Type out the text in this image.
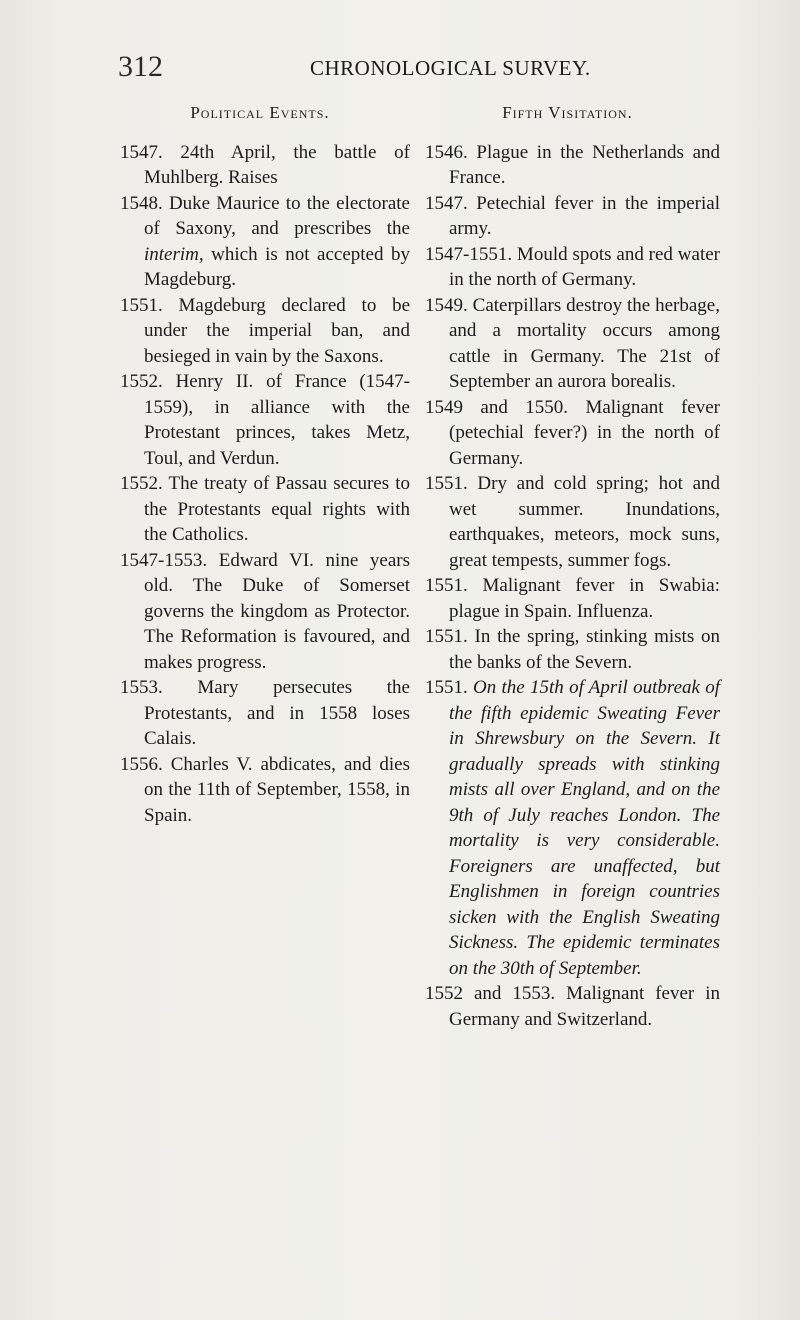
312	CHRONOLOGICAL SURVEY.
Political Events.

1547. 24th April, the battle of Muhlberg. Raises

1548. Duke Maurice to the electorate of Saxony, and prescribes the interim, which is not accepted by Magdeburg.

1551. Magdeburg declared to be under the imperial ban, and besieged in vain by the Saxons.

1552. Henry II. of France (1547-1559), in alliance with the Protestant princes, takes Metz, Toul, and Verdun.

1552. The treaty of Passau secures to the Protestants equal rights with the Catholics.

1547-1553. Edward VI. nine years old. The Duke of Somerset governs the kingdom as Protector. The Reformation is favoured, and makes progress.

1553. Mary persecutes the Protestants, and in 1558 loses Calais.

1556. Charles V. abdicates, and dies on the 11th of September, 1558, in Spain.

Fifth Visitation.

1546. Plague in the Netherlands and France.

1547. Petechial fever in the imperial army.

1547-1551. Mould spots and red water in the north of Germany.

1549. Caterpillars destroy the herbage, and a mortality occurs among cattle in Germany. The 21st of September an aurora borealis.

1549 and 1550. Malignant fever (petechial fever?) in the north of Germany.

1551. Dry and cold spring; hot and wet summer. Inundations, earthquakes, meteors, mock suns, great tempests, summer fogs.

1551. Malignant fever in Swabia: plague in Spain. Influenza.

1551. In the spring, stinking mists on the banks of the Severn.

1551. On the 15th of April outbreak of the fifth epidemic Sweating Fever in Shrewsbury on the Severn. It gradually spreads with stinking mists all over England, and on the 9th of July reaches London. The mortality is very considerable. Foreigners are unaffected, but Englishmen in foreign countries sicken with the English Sweating Sickness. The epidemic terminates on the 30th of September.

1552 and 1553. Malignant fever in Germany and Switzerland.
